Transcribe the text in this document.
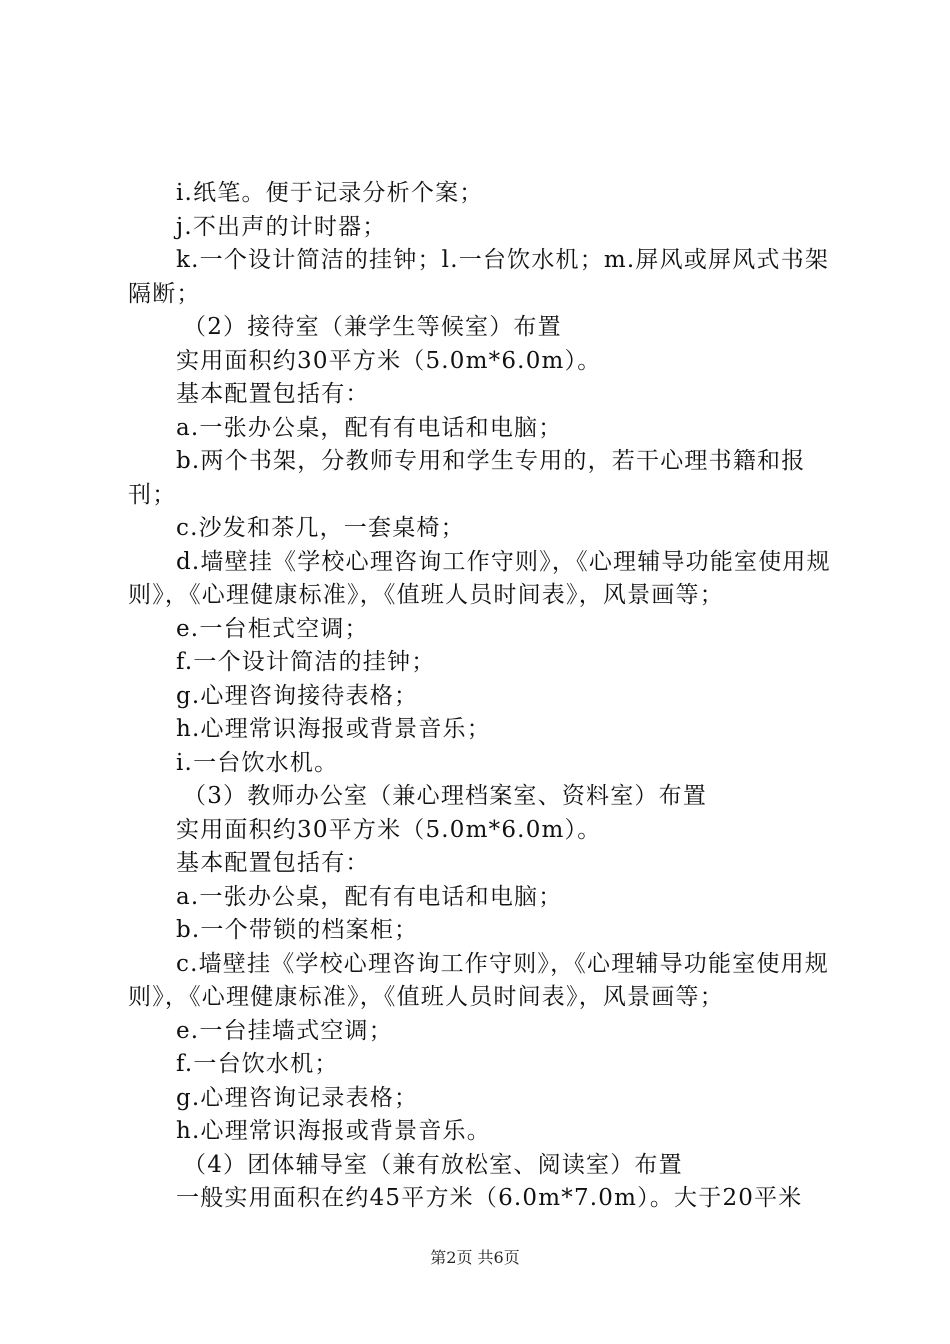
i.纸笔。便于记录分析个案；

j.不出声的计时器；

k.一个设计简洁的挂钟；l.一台饮水机；m.屏风或屏风式书架隔断；

（2）接待室（兼学生等候室）布置

实用面积约30平方米（5.0m*6.0m）。

基本配置包括有：

a.一张办公桌，配有有电话和电脑；

b.两个书架，分教师专用和学生专用的，若干心理书籍和报刊；

c.沙发和茶几，一套桌椅；

d.墙壁挂《学校心理咨询工作守则》，《心理辅导功能室使用规则》，《心理健康标准》，《值班人员时间表》，风景画等；

e.一台柜式空调；

f.一个设计简洁的挂钟；

g.心理咨询接待表格；

h.心理常识海报或背景音乐；

i.一台饮水机。

（3）教师办公室（兼心理档案室、资料室）布置

实用面积约30平方米（5.0m*6.0m）。

基本配置包括有：

a.一张办公桌，配有有电话和电脑；

b.一个带锁的档案柜；

c.墙壁挂《学校心理咨询工作守则》，《心理辅导功能室使用规则》，《心理健康标准》，《值班人员时间表》，风景画等；

e.一台挂墙式空调；

f.一台饮水机；

g.心理咨询记录表格；

h.心理常识海报或背景音乐。

（4）团体辅导室（兼有放松室、阅读室）布置

一般实用面积在约45平方米（6.0m*7.0m）。大于20平米

第2页 共6页
